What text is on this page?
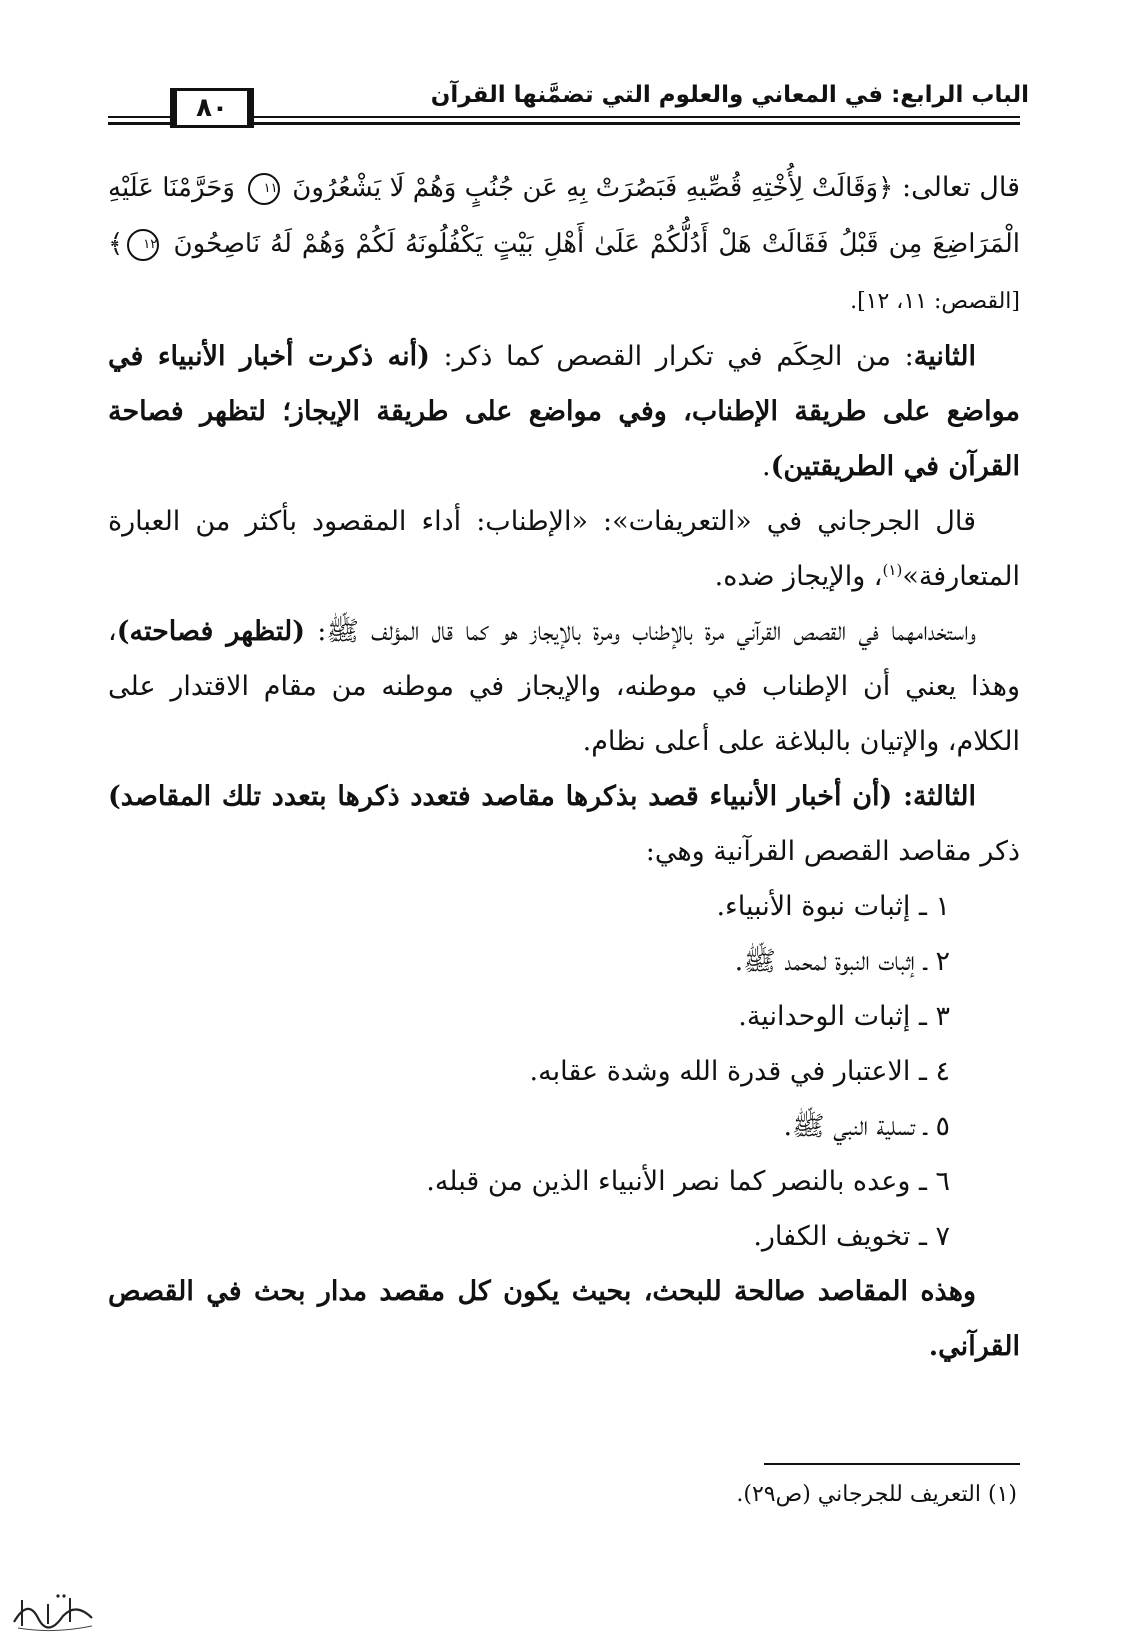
الباب الرابع: في المعاني والعلوم التي تضمَّنها القرآن
٨٠

قال تعالى: ﴿وَقَالَتْ لِأُخْتِهِ قُصِّيهِ فَبَصُرَتْ بِهِ عَن جُنُبٍ وَهُمْ لَا يَشْعُرُونَ ١١ وَحَرَّمْنَا عَلَيْهِ الْمَرَاضِعَ مِن قَبْلُ فَقَالَتْ هَلْ أَدُلُّكُمْ عَلَىٰ أَهْلِ بَيْتٍ يَكْفُلُونَهُ لَكُمْ وَهُمْ لَهُ نَاصِحُونَ ١٢﴾ [القصص: ١١، ١٢].

الثانية: من الحِكَم في تكرار القصص كما ذكر: (أنه ذكرت أخبار الأنبياء في مواضع على طريقة الإطناب، وفي مواضع على طريقة الإيجاز؛ لتظهر فصاحة القرآن في الطريقتين).

قال الجرجاني في «التعريفات»: «الإطناب: أداء المقصود بأكثر من العبارة المتعارفة»$^{(١)}$، والإيجاز ضده.

واستخدامهما في القصص القرآني مرة بالإطناب ومرة بالإيجاز هو كما قال المؤلف ﷺ: (لتظهر فصاحته)، وهذا يعني أن الإطناب في موطنه، والإيجاز في موطنه من مقام الاقتدار على الكلام، والإتيان بالبلاغة على أعلى نظام.

الثالثة: (أن أخبار الأنبياء قصد بذكرها مقاصد فتعدد ذكرها بتعدد تلك المقاصد) ذكر مقاصد القصص القرآنية وهي:

١ ـ إثبات نبوة الأنبياء.

٢ ـ إثبات النبوة لمحمد ﷺ.

٣ ـ إثبات الوحدانية.

٤ ـ الاعتبار في قدرة الله وشدة عقابه.

٥ ـ تسلية النبي ﷺ.

٦ ـ وعده بالنصر كما نصر الأنبياء الذين من قبله.

٧ ـ تخويف الكفار.

وهذه المقاصد صالحة للبحث، بحيث يكون كل مقصد مدار بحث في القصص القرآني.

(١) التعريف للجرجاني (ص٢٩).
